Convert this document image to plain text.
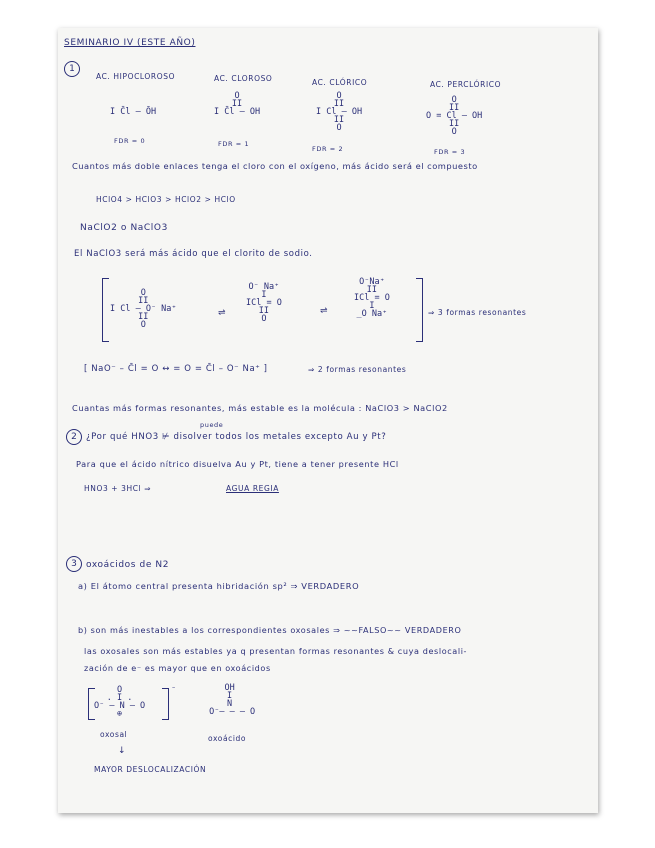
SEMINARIO IV (ESTE AÑO)
1
AC. HIPOCLOROSO	AC. CLOROSO	AC. CLÓRICO	AC. PERCLÓRICO
I C̄l – ŌH
O
II
I C̄l – OH
O
II
I Cl – OH
II
O
O
II
O = Cl – OH
II
O
FDR = 0	FDR = 1
FDR = 2	FDR = 3
Cuantos más doble enlaces tenga el cloro con el oxígeno, más ácido será el compuesto
HClO4 > HClO3 > HClO2 > HClO
NaClO2 o NaClO3
El NaClO3 será más ácido que el clorito de sodio.
O
II
I Cl – O⁻ Na⁺
II
O
⇌
O⁻ Na⁺
I
ICl = O
II
O
⇌
O⁻Na⁺
II
ICl = O
I
_O Na⁺	⇒ 3 formas resonantes
[ NaO⁻ – C̄l = O ↔ = O = C̄l – O⁻ Na⁺ ]	⇒ 2 formas resonantes
Cuantas más formas resonantes, más estable es la molécula : NaClO3 > NaClO2
puede
2	¿Por qué HNO3 ⊭ disolver todos los metales excepto Au y Pt?
Para que el ácido nítrico disuelva Au y Pt, tiene a tener presente HCl
HNO3 + 3HCl ⇒	AGUA REGIA
3	oxoácidos de N2
a) El átomo central presenta hibridación sp² ⇒ VERDADERO
b) son más inestables a los correspondientes oxosales ⇒ ~~FALSO~~ VERDADERO
las oxosales son más estables ya q presentan formas resonantes & cuya deslocali-
zación de e⁻ es mayor que en oxoácidos
O
. I .
O⁻ – N – O
⊕
–	OH
I
N
O⁻– – – O
oxosal	oxoácido
↓
MAYOR DESLOCALIZACIÓN
